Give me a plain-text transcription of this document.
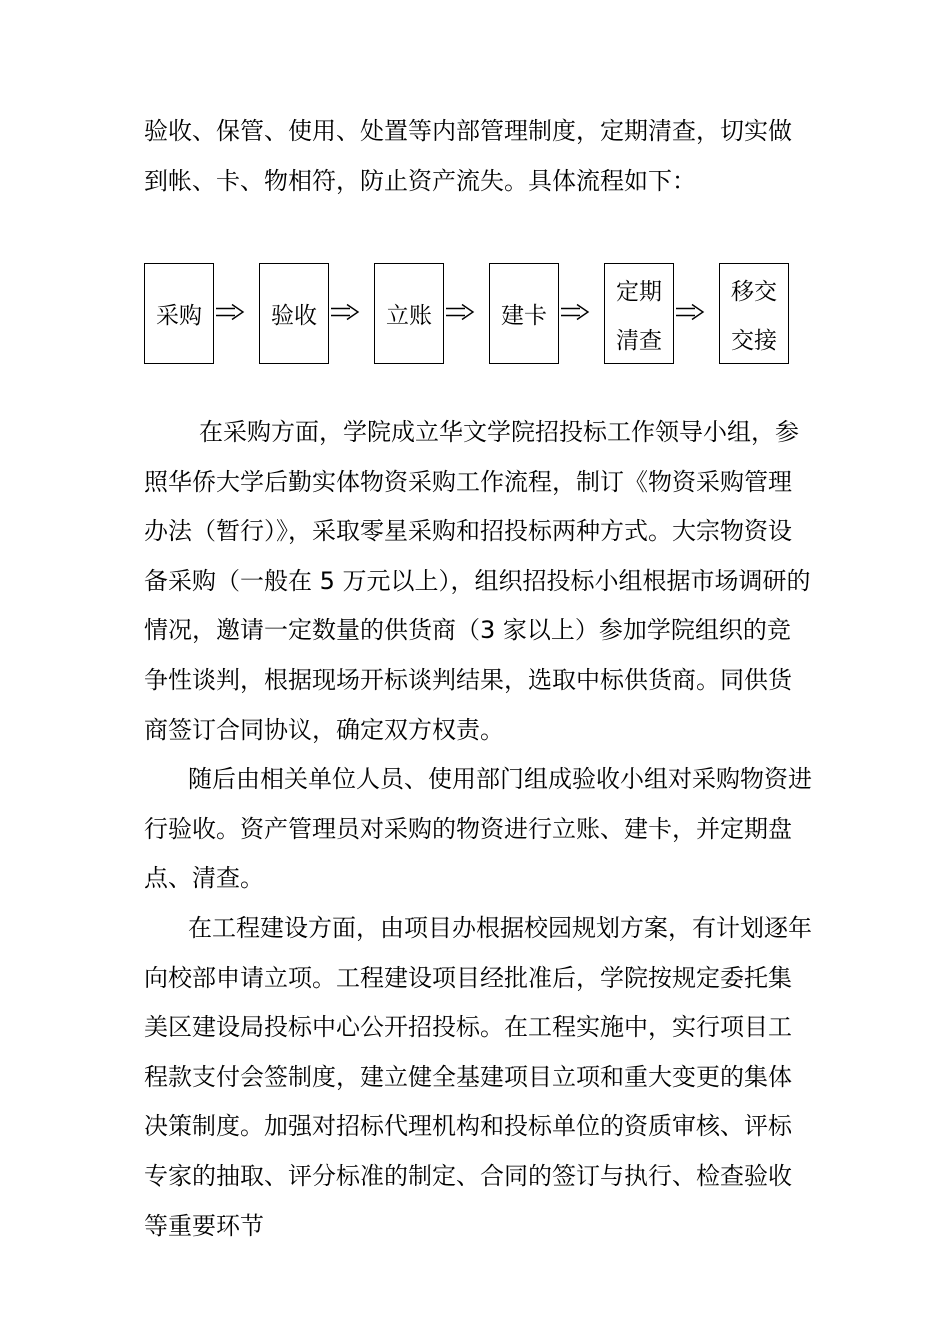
验收、保管、使用、处置等内部管理制度，定期清查，切实做到帐、卡、物相符，防止资产流失。具体流程如下：

采购	验收	立账	建卡
定期
清查
移交
交接

在采购方面，学院成立华文学院招投标工作领导小组，参照华侨大学后勤实体物资采购工作流程，制订《物资采购管理办法（暂行）》，采取零星采购和招投标两种方式。大宗物资设备采购（一般在 5 万元以上），组织招投标小组根据市场调研的情况，邀请一定数量的供货商（3 家以上）参加学院组织的竞争性谈判，根据现场开标谈判结果，选取中标供货商。同供货商签订合同协议，确定双方权责。

随后由相关单位人员、使用部门组成验收小组对采购物资进行验收。资产管理员对采购的物资进行立账、建卡，并定期盘点、清查。

在工程建设方面，由项目办根据校园规划方案，有计划逐年向校部申请立项。工程建设项目经批准后，学院按规定委托集美区建设局投标中心公开招投标。在工程实施中，实行项目工程款支付会签制度，建立健全基建项目立项和重大变更的集体决策制度。加强对招标代理机构和投标单位的资质审核、评标专家的抽取、评分标准的制定、合同的签订与执行、检查验收等重要环节
